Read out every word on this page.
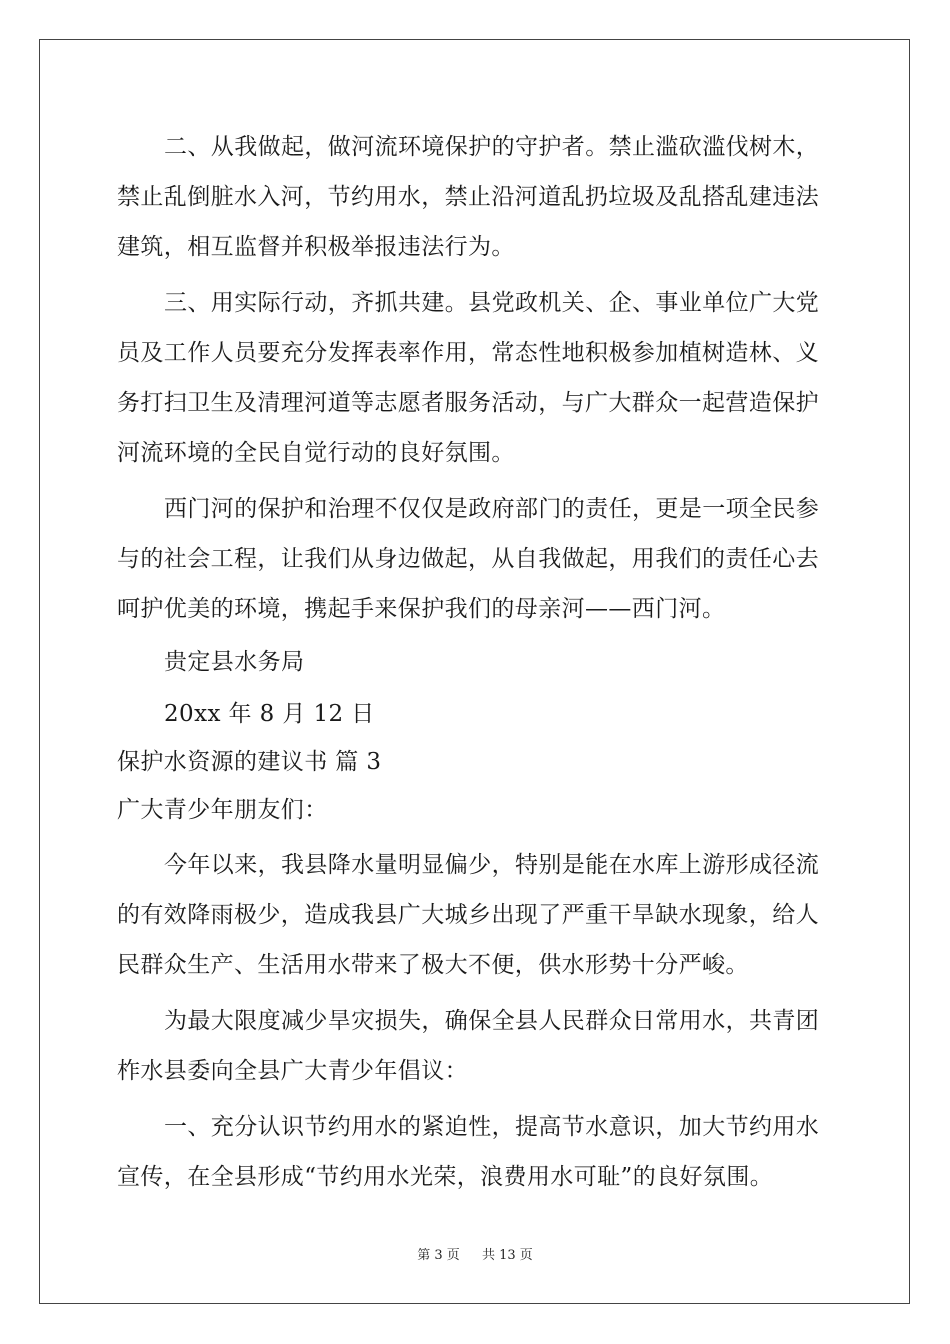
二、从我做起，做河流环境保护的守护者。禁止滥砍滥伐树木，禁止乱倒脏水入河，节约用水，禁止沿河道乱扔垃圾及乱搭乱建违法建筑，相互监督并积极举报违法行为。

三、用实际行动，齐抓共建。县党政机关、企、事业单位广大党员及工作人员要充分发挥表率作用，常态性地积极参加植树造林、义务打扫卫生及清理河道等志愿者服务活动，与广大群众一起营造保护河流环境的全民自觉行动的良好氛围。

西门河的保护和治理不仅仅是政府部门的责任，更是一项全民参与的社会工程，让我们从身边做起，从自我做起，用我们的责任心去呵护优美的环境，携起手来保护我们的母亲河——西门河。

贵定县水务局

20xx 年 8 月 12 日

保护水资源的建议书 篇 3

广大青少年朋友们：

今年以来，我县降水量明显偏少，特别是能在水库上游形成径流的有效降雨极少，造成我县广大城乡出现了严重干旱缺水现象，给人民群众生产、生活用水带来了极大不便，供水形势十分严峻。

为最大限度减少旱灾损失，确保全县人民群众日常用水，共青团柞水县委向全县广大青少年倡议：

一、充分认识节约用水的紧迫性，提高节水意识，加大节约用水宣传，在全县形成“节约用水光荣，浪费用水可耻”的良好氛围。

第 3 页 共 13 页
